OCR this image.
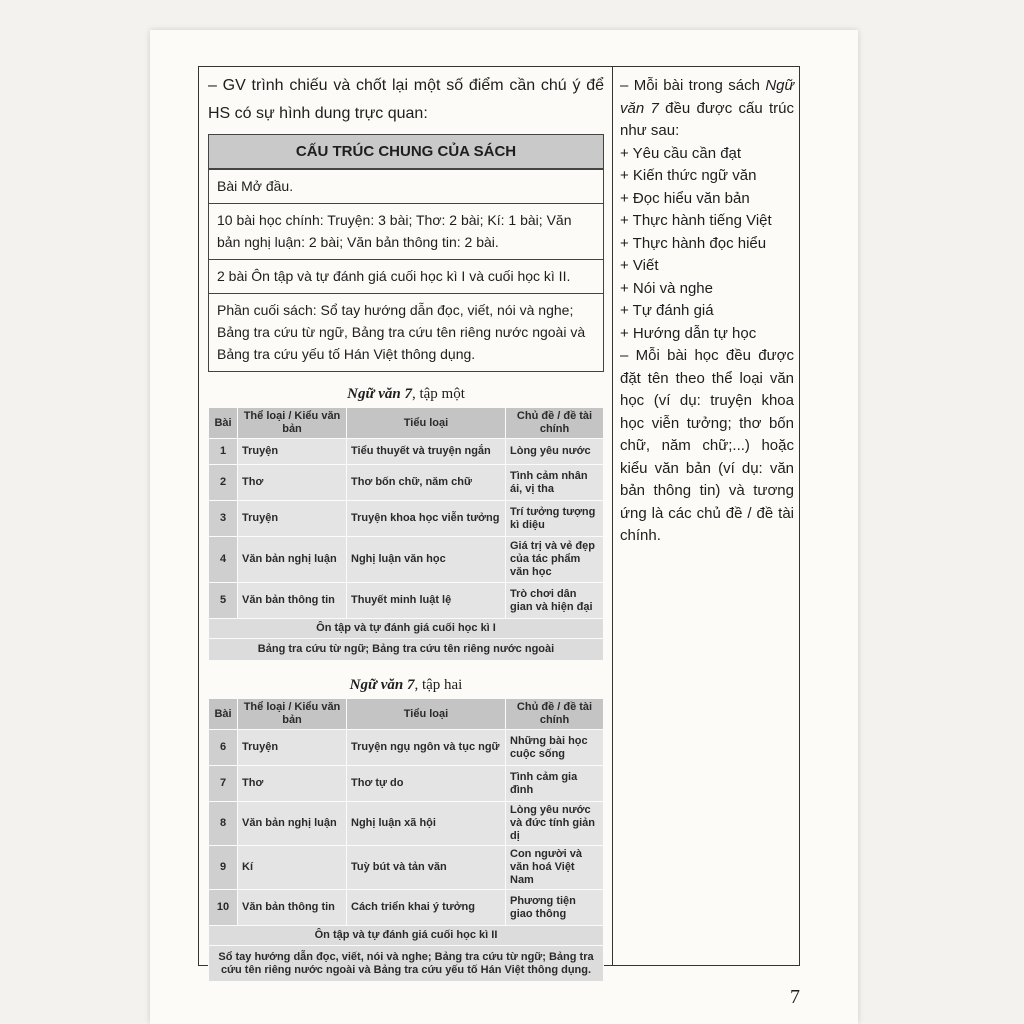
– GV trình chiếu và chốt lại một số điểm cần chú ý để HS có sự hình dung trực quan:

CẤU TRÚC CHUNG CỦA SÁCH
Bài Mở đầu.
10 bài học chính: Truyện: 3 bài; Thơ: 2 bài; Kí: 1 bài; Văn bản nghị luận: 2 bài; Văn bản thông tin: 2 bài.
2 bài Ôn tập và tự đánh giá cuối học kì I và cuối học kì II.
Phần cuối sách: Sổ tay hướng dẫn đọc, viết, nói và nghe; Bảng tra cứu từ ngữ, Bảng tra cứu tên riêng nước ngoài và Bảng tra cứu yếu tố Hán Việt thông dụng.
Ngữ văn 7, tập một
Bài	Thể loại / Kiểu văn bản	Tiểu loại	Chủ đề / đề tài chính
1	Truyện	Tiểu thuyết và truyện ngắn	Lòng yêu nước
2	Thơ	Thơ bốn chữ, năm chữ	Tình cảm nhân ái, vị tha
3	Truyện	Truyện khoa học viễn tưởng	Trí tưởng tượng kì diệu
4	Văn bản nghị luận	Nghị luận văn học	Giá trị và vẻ đẹp của tác phẩm văn học
5	Văn bản thông tin	Thuyết minh luật lệ	Trò chơi dân gian và hiện đại
Ôn tập và tự đánh giá cuối học kì I			
Bảng tra cứu từ ngữ; Bảng tra cứu tên riêng nước ngoài			
Ngữ văn 7, tập hai
Bài	Thể loại / Kiểu văn bản	Tiểu loại	Chủ đề / đề tài chính
6	Truyện	Truyện ngụ ngôn và tục ngữ	Những bài học cuộc sống
7	Thơ	Thơ tự do	Tình cảm gia đình
8	Văn bản nghị luận	Nghị luận xã hội	Lòng yêu nước và đức tính giản dị
9	Kí	Tuỳ bút và tản văn	Con người và văn hoá Việt Nam
10	Văn bản thông tin	Cách triển khai ý tưởng	Phương tiện giao thông
Ôn tập và tự đánh giá cuối học kì II			
Sổ tay hướng dẫn đọc, viết, nói và nghe; Bảng tra cứu từ ngữ; Bảng tra cứu tên riêng nước ngoài và Bảng tra cứu yếu tố Hán Việt thông dụng.			

– Mỗi bài trong sách Ngữ văn 7 đều được cấu trúc như sau:

+ Yêu cầu cần đạt

+ Kiến thức ngữ văn

+ Đọc hiểu văn bản

+ Thực hành tiếng Việt

+ Thực hành đọc hiểu

+ Viết

+ Nói và nghe

+ Tự đánh giá

+ Hướng dẫn tự học

– Mỗi bài học đều được đặt tên theo thể loại văn học (ví dụ: truyện khoa học viễn tưởng; thơ bốn chữ, năm chữ;...) hoặc kiểu văn bản (ví dụ: văn bản thông tin) và tương ứng là các chủ đề / đề tài chính.

7
